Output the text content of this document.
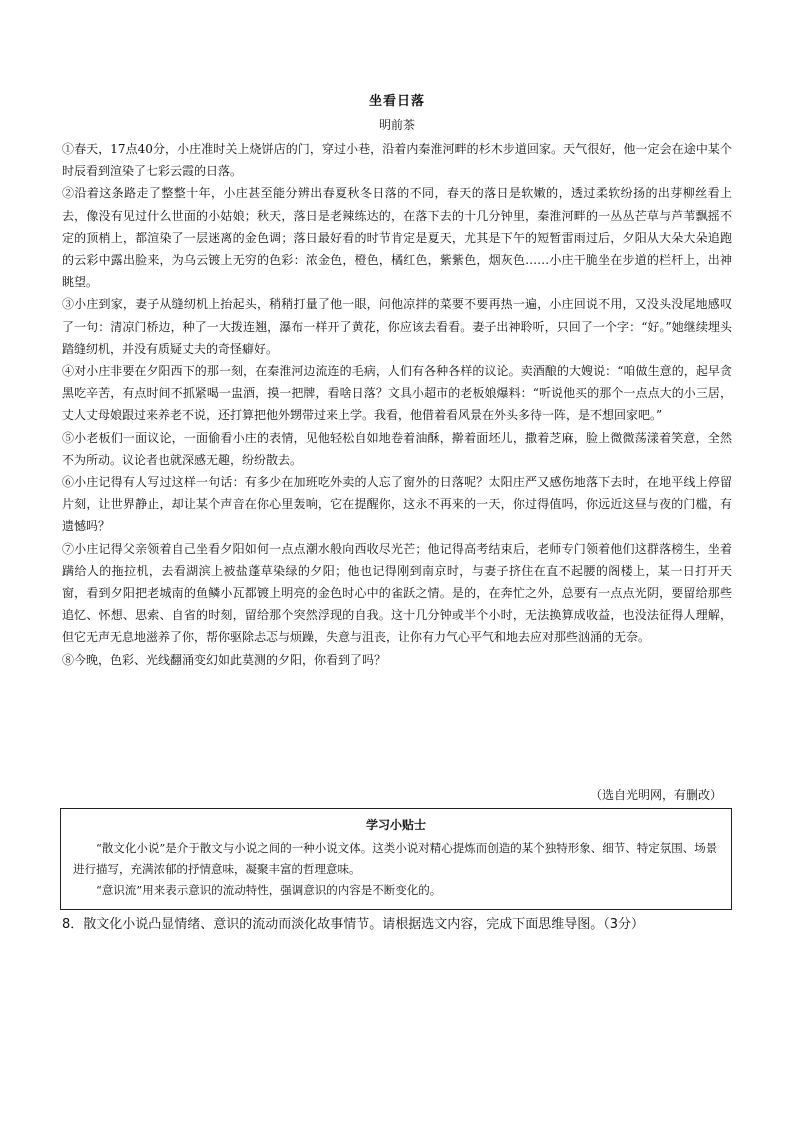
坐看日落
明前茶

①春天，17点40分，小庄准时关上烧饼店的门，穿过小巷，沿着内秦淮河畔的杉木步道回家。天气很好，他一定会在途中某个时辰看到渲染了七彩云霞的日落。

②沿着这条路走了整整十年，小庄甚至能分辨出春夏秋冬日落的不同，春天的落日是软嫩的，透过柔软纷扬的出芽柳丝看上去，像没有见过什么世面的小姑娘；秋天，落日是老辣练达的，在落下去的十几分钟里，秦淮河畔的一丛丛芒草与芦苇飘摇不定的顶梢上，都渲染了一层迷离的金色调；落日最好看的时节肯定是夏天，尤其是下午的短暂雷雨过后，夕阳从大朵大朵追跑的云彩中露出脸来，为乌云镀上无穷的色彩：浓金色，橙色，橘红色，紫紫色，烟灰色……小庄干脆坐在步道的栏杆上，出神眺望。

③小庄到家，妻子从缝纫机上抬起头，稍稍打量了他一眼，问他凉拌的菜要不要再热一遍，小庄回说不用，又没头没尾地感叹了一句：清凉门桥边，种了一大拨连翘，瀑布一样开了黄花，你应该去看看。妻子出神聆听，只回了一个字：“好。”她继续埋头踏缝纫机，并没有质疑丈夫的奇怪癖好。

④对小庄非要在夕阳西下的那一刻，在秦淮河边流连的毛病，人们有各种各样的议论。卖酒酿的大嫂说：“咱做生意的，起早贪黑吃辛苦，有点时间不抓紧喝一盅酒，摸一把牌，看啥日落？文具小超市的老板娘爆料：“听说他买的那个一点点大的小三居，丈人丈母娘跟过来养老不说，还打算把他外甥带过来上学。我看，他借着看风景在外头多待一阵，是不想回家吧。”

⑤小老板们一面议论，一面偷看小庄的表情，见他轻松自如地卷着油酥，擀着面坯儿，撒着芝麻，脸上微微荡漾着笑意，全然不为所动。议论者也就深感无趣，纷纷散去。

⑥小庄记得有人写过这样一句话：有多少在加班吃外卖的人忘了窗外的日落呢？太阳庄严又感伤地落下去时，在地平线上停留片刻，让世界静止，却让某个声音在你心里轰响，它在提醒你，这永不再来的一天，你过得值吗，你远近这昼与夜的门槛，有遗憾吗？

⑦小庄记得父亲领着自己坐看夕阳如何一点点潮水般向西收尽光芒；他记得高考结束后，老师专门领着他们这群落榜生，坐着蹒给人的拖拉机，去看湖滨上被盐蓬草染绿的夕阳；他也记得刚到南京时，与妻子挤住在直不起腰的阁楼上，某一日打开天窗，看到夕阳把老城南的鱼鳞小瓦都镀上明亮的金色时心中的雀跃之情。是的，在奔忙之外，总要有一点点光阴，要留给那些追忆、怀想、思索、自省的时刻，留给那个突然浮现的自我。这十几分钟或半个小时，无法换算成收益，也没法征得人理解，但它无声无息地滋养了你，帮你驱除忐忑与烦躁，失意与沮丧，让你有力气心平气和地去应对那些汹涌的无奈。

⑧今晚，色彩、光线翻涌变幻如此莫测的夕阳，你看到了吗？

（选自光明网，有删改）
学习小贴士

“散文化小说”是介于散文与小说之间的一种小说文体。这类小说对精心提炼而创造的某个独特形象、细节、特定氛围、场景进行描写，充满浓郁的抒情意味，凝聚丰富的哲理意味。

“意识流”用来表示意识的流动特性，强调意识的内容是不断变化的。

8．散文化小说凸显情绪、意识的流动而淡化故事情节。请根据选文内容，完成下面思维导图。（3分）
